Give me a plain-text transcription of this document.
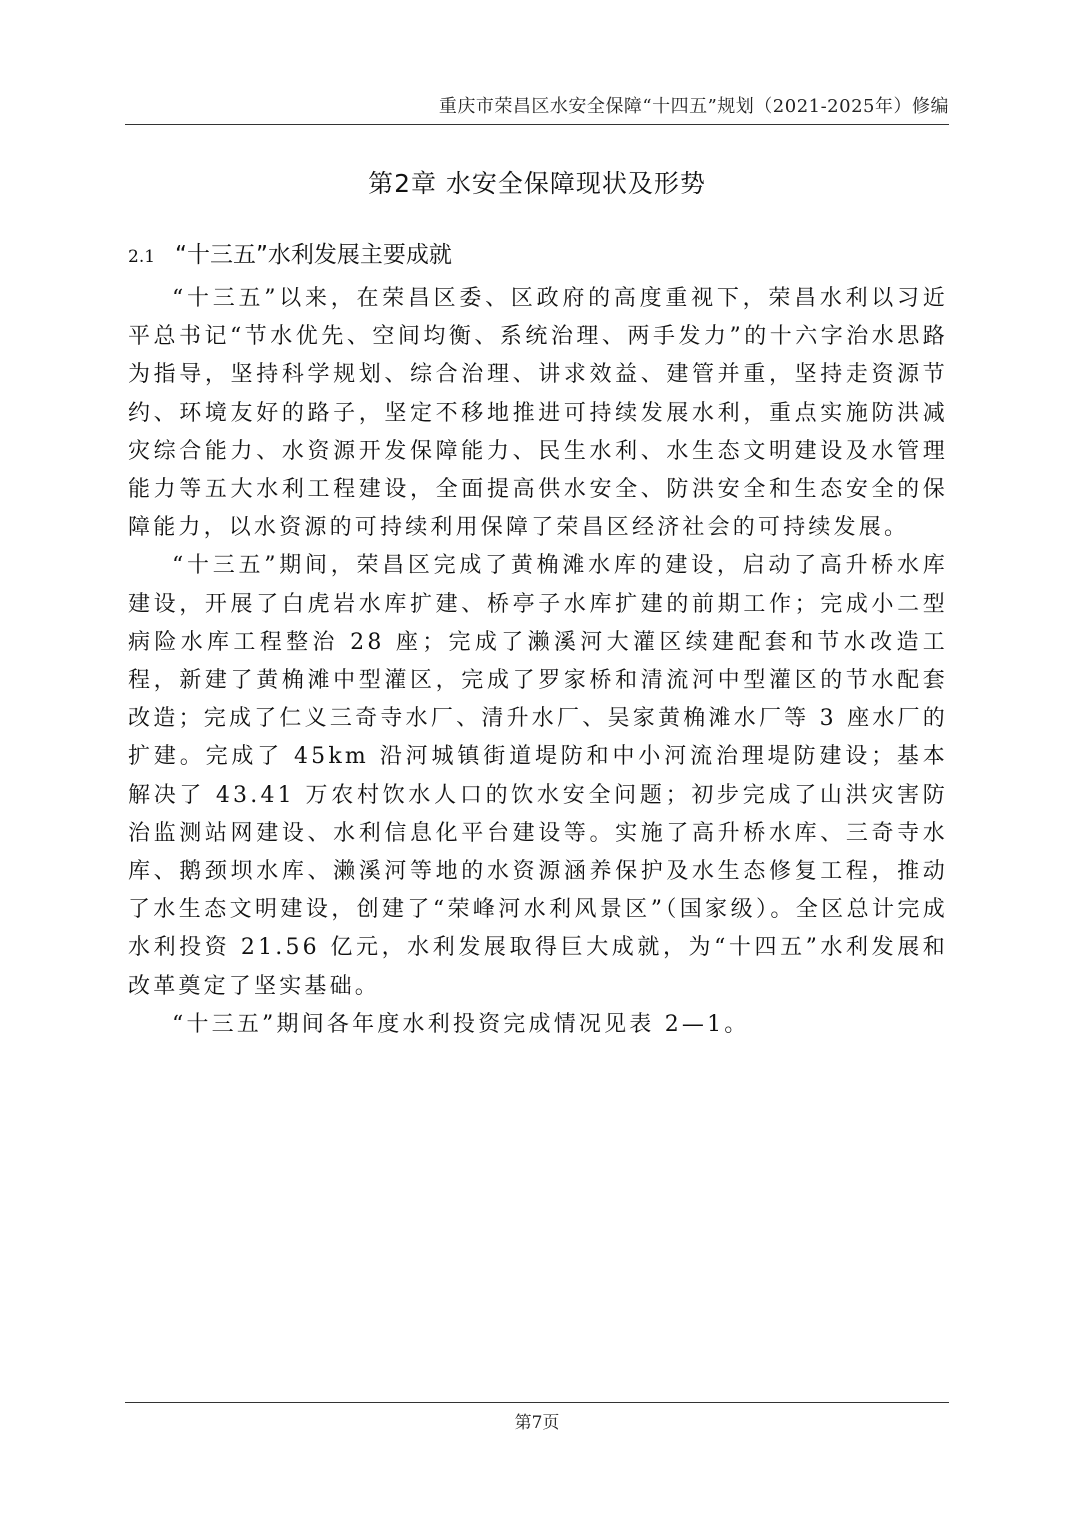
重庆市荣昌区水安全保障“十四五”规划（2021-2025年）修编
第2章 水安全保障现状及形势
2.1 “十三五”水利发展主要成就

“十三五”以来，在荣昌区委、区政府的高度重视下，荣昌水利以习近平总书记“节水优先、空间均衡、系统治理、两手发力”的十六字治水思路为指导，坚持科学规划、综合治理、讲求效益、建管并重，坚持走资源节约、环境友好的路子，坚定不移地推进可持续发展水利，重点实施防洪减灾综合能力、水资源开发保障能力、民生水利、水生态文明建设及水管理能力等五大水利工程建设，全面提高供水安全、防洪安全和生态安全的保障能力，以水资源的可持续利用保障了荣昌区经济社会的可持续发展。

“十三五”期间，荣昌区完成了黄桷滩水库的建设，启动了高升桥水库建设，开展了白虎岩水库扩建、桥亭子水库扩建的前期工作；完成小二型病险水库工程整治 28 座；完成了濑溪河大灌区续建配套和节水改造工程，新建了黄桷滩中型灌区，完成了罗家桥和清流河中型灌区的节水配套改造；完成了仁义三奇寺水厂、清升水厂、吴家黄桷滩水厂等 3 座水厂的扩建。完成了 45km 沿河城镇街道堤防和中小河流治理堤防建设；基本解决了 43.41 万农村饮水人口的饮水安全问题；初步完成了山洪灾害防治监测站网建设、水利信息化平台建设等。实施了高升桥水库、三奇寺水库、鹅颈坝水库、濑溪河等地的水资源涵养保护及水生态修复工程，推动了水生态文明建设，创建了“荣峰河水利风景区”（国家级）。全区总计完成水利投资 21.56 亿元，水利发展取得巨大成就，为“十四五”水利发展和改革奠定了坚实基础。

“十三五”期间各年度水利投资完成情况见表 2—1。

第7页
